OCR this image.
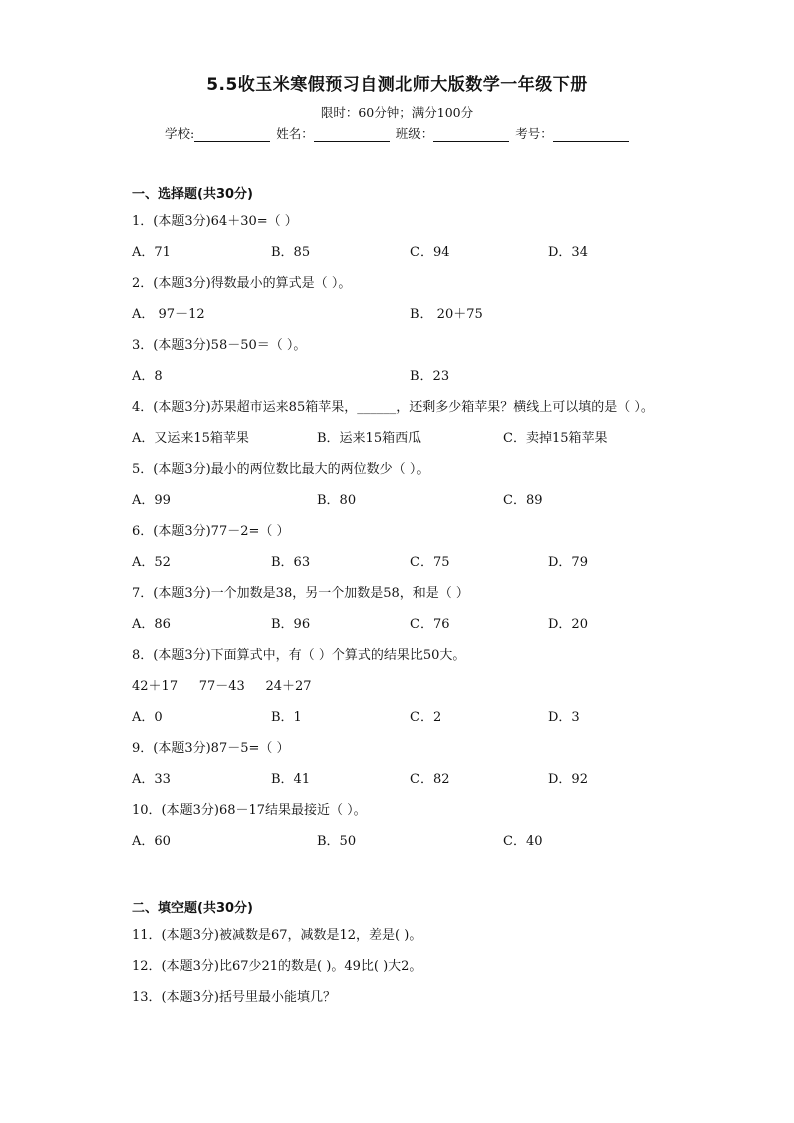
5.5收玉米寒假预习自测北师大版数学一年级下册
限时：60分钟；满分100分
学校:	姓名：	班级：	考号：
一、选择题(共30分)
1．(本题3分)64＋30=（ ）
A．71	B．85	C．94	D．34
2．(本题3分)得数最小的算式是（ ）。
A． 97－12	B． 20＋75
3．(本题3分)58－50＝（ ）。
A．8	B．23
4．(本题3分)苏果超市运来85箱苹果，______，还剩多少箱苹果？横线上可以填的是（ ）。
A．又运来15箱苹果	B．运来15箱西瓜	C．卖掉15箱苹果
5．(本题3分)最小的两位数比最大的两位数少（ ）。
A．99	B．80	C．89
6．(本题3分)77－2=（ ）
A．52	B．63	C．75	D．79
7．(本题3分)一个加数是38，另一个加数是58，和是（ ）
A．86	B．96	C．76	D．20
8．(本题3分)下面算式中，有（ ）个算式的结果比50大。
42＋17     77－43     24＋27
A．0	B．1	C．2	D．3
9．(本题3分)87－5=（ ）
A．33	B．41	C．82	D．92
10．(本题3分)68－17结果最接近（ ）。
A．60	B．50	C．40
二、填空题(共30分)
11．(本题3分)被减数是67，减数是12，差是( )。
12．(本题3分)比67少21的数是( )。49比( )大2。
13．(本题3分)括号里最小能填几？
